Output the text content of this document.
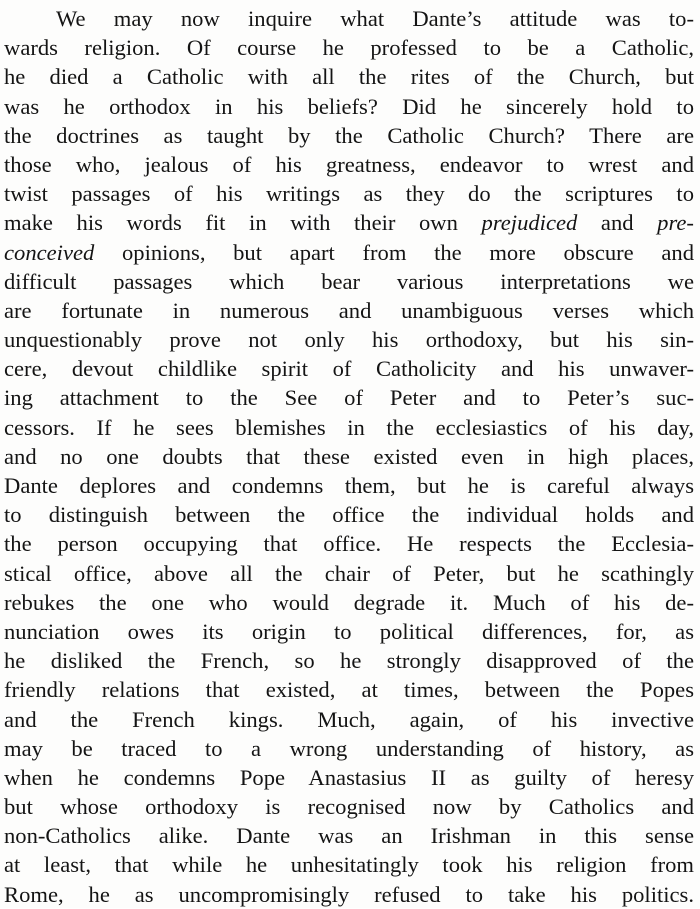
We may now inquire what Dante’s attitude was to-
wards religion. Of course he professed to be a Catholic,
he died a Catholic with all the rites of the Church, but
was he orthodox in his beliefs? Did he sincerely hold to
the doctrines as taught by the Catholic Church? There are
those who, jealous of his greatness, endeavor to wrest and
twist passages of his writings as they do the scriptures to
make his words fit in with their own prejudiced and pre-
conceived opinions, but apart from the more obscure and
difficult passages which bear various interpretations we
are fortunate in numerous and unambiguous verses which
unquestionably prove not only his orthodoxy, but his sin-
cere, devout childlike spirit of Catholicity and his unwaver-
ing attachment to the See of Peter and to Peter’s suc-
cessors. If he sees blemishes in the ecclesiastics of his day,
and no one doubts that these existed even in high places,
Dante deplores and condemns them, but he is careful always
to distinguish between the office the individual holds and
the person occupying that office. He respects the Ecclesia-
stical office, above all the chair of Peter, but he scathingly
rebukes the one who would degrade it. Much of his de-
nunciation owes its origin to political differences, for, as
he disliked the French, so he strongly disapproved of the
friendly relations that existed, at times, between the Popes
and the French kings. Much, again, of his invective
may be traced to a wrong understanding of history, as
when he condemns Pope Anastasius II as guilty of heresy
but whose orthodoxy is recognised now by Catholics and
non-Catholics alike. Dante was an Irishman in this sense
at least, that while he unhesitatingly took his religion from
Rome, he as uncompromisingly refused to take his politics.
